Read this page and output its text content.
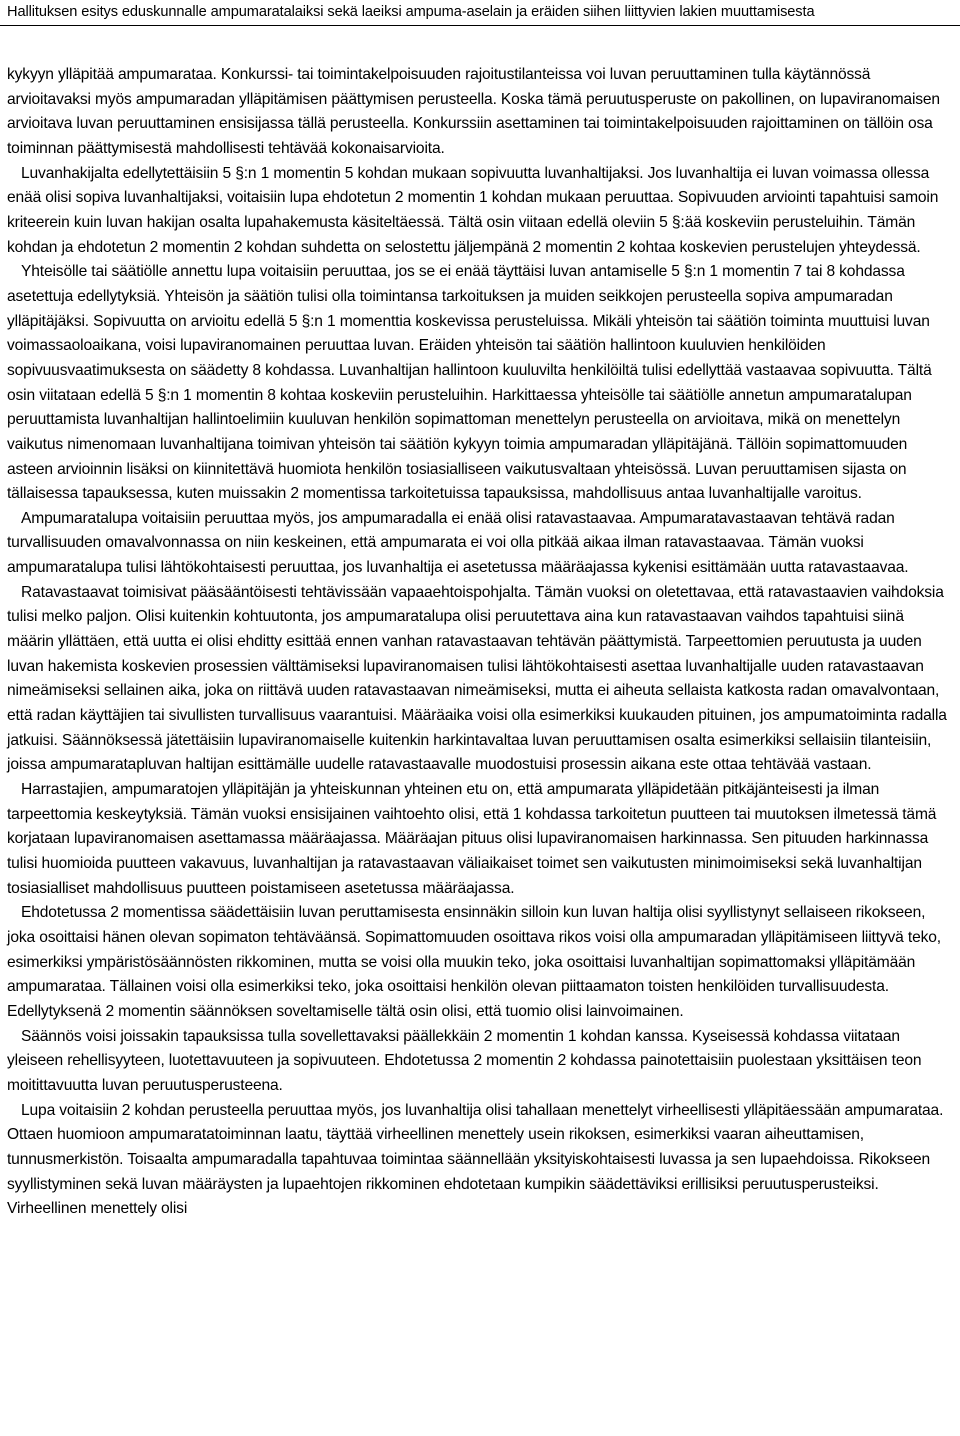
Hallituksen esitys eduskunnalle ampumaratalaiksi sekä laeiksi ampuma-aselain ja eräiden siihen liittyvien lakien muuttamisesta

kykyyn ylläpitää ampumarataa. Konkurssi- tai toimintakelpoisuuden rajoitustilanteissa voi luvan peruuttaminen tulla käytännössä arvioitavaksi myös ampumaradan ylläpitämisen päättymisen perusteella. Koska tämä peruutusperuste on pakollinen, on lupaviranomaisen arvioitava luvan peruuttaminen ensisijassa tällä perusteella. Konkurssiin asettaminen tai toimintakelpoisuuden rajoittaminen on tällöin osa toiminnan päättymisestä mahdollisesti tehtävää kokonaisarvioita.

Luvanhakijalta edellytettäisiin 5 §:n 1 momentin 5 kohdan mukaan sopivuutta luvanhaltijaksi. Jos luvanhaltija ei luvan voimassa ollessa enää olisi sopiva luvanhaltijaksi, voitaisiin lupa ehdotetun 2 momentin 1 kohdan mukaan peruuttaa. Sopivuuden arviointi tapahtuisi samoin kriteerein kuin luvan hakijan osalta lupahakemusta käsiteltäessä. Tältä osin viitaan edellä oleviin 5 §:ää koskeviin perusteluihin. Tämän kohdan ja ehdotetun 2 momentin 2 kohdan suhdetta on selostettu jäljempänä 2 momentin 2 kohtaa koskevien perustelujen yhteydessä.

Yhteisölle tai säätiölle annettu lupa voitaisiin peruuttaa, jos se ei enää täyttäisi luvan antamiselle 5 §:n 1 momentin 7 tai 8 kohdassa asetettuja edellytyksiä. Yhteisön ja säätiön tulisi olla toimintansa tarkoituksen ja muiden seikkojen perusteella sopiva ampumaradan ylläpitäjäksi. Sopivuutta on arvioitu edellä 5 §:n 1 momenttia koskevissa perusteluissa. Mikäli yhteisön tai säätiön toiminta muuttuisi luvan voimassaoloaikana, voisi lupaviranomainen peruuttaa luvan. Eräiden yhteisön tai säätiön hallintoon kuuluvien henkilöiden sopivuusvaatimuksesta on säädetty 8 kohdassa. Luvanhaltijan hallintoon kuuluvilta henkilöiltä tulisi edellyttää vastaavaa sopivuutta. Tältä osin viitataan edellä 5 §:n 1 momentin 8 kohtaa koskeviin perusteluihin. Harkittaessa yhteisölle tai säätiölle annetun ampumaratalupan peruuttamista luvanhaltijan hallintoelimiin kuuluvan henkilön sopimattoman menettelyn perusteella on arvioitava, mikä on menettelyn vaikutus nimenomaan luvanhaltijana toimivan yhteisön tai säätiön kykyyn toimia ampumaradan ylläpitäjänä. Tällöin sopimattomuuden asteen arvioinnin lisäksi on kiinnitettävä huomiota henkilön tosiasialliseen vaikutusvaltaan yhteisössä. Luvan peruuttamisen sijasta on tällaisessa tapauksessa, kuten muissakin 2 momentissa tarkoitetuissa tapauksissa, mahdollisuus antaa luvanhaltijalle varoitus.

Ampumaratalupa voitaisiin peruuttaa myös, jos ampumaradalla ei enää olisi ratavastaavaa. Ampumaratavastaavan tehtävä radan turvallisuuden omavalvonnassa on niin keskeinen, että ampumarata ei voi olla pitkää aikaa ilman ratavastaavaa. Tämän vuoksi ampumaratalupa tulisi lähtökohtaisesti peruuttaa, jos luvanhaltija ei asetetussa määräajassa kykenisi esittämään uutta ratavastaavaa.

Ratavastaavat toimisivat pääsääntöisesti tehtävissään vapaaehtoispohjalta. Tämän vuoksi on oletettavaa, että ratavastaavien vaihdoksia tulisi melko paljon. Olisi kuitenkin kohtuutonta, jos ampumaratalupa olisi peruutettava aina kun ratavastaavan vaihdos tapahtuisi siinä määrin yllättäen, että uutta ei olisi ehditty esittää ennen vanhan ratavastaavan tehtävän päättymistä. Tarpeettomien peruutusta ja uuden luvan hakemista koskevien prosessien välttämiseksi lupaviranomaisen tulisi lähtökohtaisesti asettaa luvanhaltijalle uuden ratavastaavan nimeämiseksi sellainen aika, joka on riittävä uuden ratavastaavan nimeämiseksi, mutta ei aiheuta sellaista katkosta radan omavalvontaan, että radan käyttäjien tai sivullisten turvallisuus vaarantuisi. Määräaika voisi olla esimerkiksi kuukauden pituinen, jos ampumatoiminta radalla jatkuisi. Säännöksessä jätettäisiin lupaviranomaiselle kuitenkin harkintavaltaa luvan peruuttamisen osalta esimerkiksi sellaisiin tilanteisiin, joissa ampumaratapluvan haltijan esittämälle uudelle ratavastaavalle muodostuisi prosessin aikana este ottaa tehtävää vastaan.

Harrastajien, ampumaratojen ylläpitäjän ja yhteiskunnan yhteinen etu on, että ampumarata ylläpidetään pitkäjänteisesti ja ilman tarpeettomia keskeytyksiä. Tämän vuoksi ensisijainen vaihtoehto olisi, että 1 kohdassa tarkoitetun puutteen tai muutoksen ilmetessä tämä korjataan lupaviranomaisen asettamassa määräajassa. Määräajan pituus olisi lupaviranomaisen harkinnassa. Sen pituuden harkinnassa tulisi huomioida puutteen vakavuus, luvanhaltijan ja ratavastaavan väliaikaiset toimet sen vaikutusten minimoimiseksi sekä luvanhaltijan tosiasialliset mahdollisuus puutteen poistamiseen asetetussa määräajassa.

Ehdotetussa 2 momentissa säädettäisiin luvan peruttamisesta ensinnäkin silloin kun luvan haltija olisi syyllistynyt sellaiseen rikokseen, joka osoittaisi hänen olevan sopimaton tehtäväänsä. Sopimattomuuden osoittava rikos voisi olla ampumaradan ylläpitämiseen liittyvä teko, esimerkiksi ympäristösäännösten rikkominen, mutta se voisi olla muukin teko, joka osoittaisi luvanhaltijan sopimattomaksi ylläpitämään ampumarataa. Tällainen voisi olla esimerkiksi teko, joka osoittaisi henkilön olevan piittaamaton toisten henkilöiden turvallisuudesta. Edellytyksenä 2 momentin säännöksen soveltamiselle tältä osin olisi, että tuomio olisi lainvoimainen.

Säännös voisi joissakin tapauksissa tulla sovellettavaksi päällekkäin 2 momentin 1 kohdan kanssa. Kyseisessä kohdassa viitataan yleiseen rehellisyyteen, luotettavuuteen ja sopivuuteen. Ehdotetussa 2 momentin 2 kohdassa painotettaisiin puolestaan yksittäisen teon moitittavuutta luvan peruutusperusteena.

Lupa voitaisiin 2 kohdan perusteella peruuttaa myös, jos luvanhaltija olisi tahallaan menettelyt virheellisesti ylläpitäessään ampumarataa. Ottaen huomioon ampumaratatoiminnan laatu, täyttää virheellinen menettely usein rikoksen, esimerkiksi vaaran aiheuttamisen, tunnusmerkistön. Toisaalta ampumaradalla tapahtuvaa toimintaa säännellään yksityiskohtaisesti luvassa ja sen lupaehdoissa. Rikokseen syyllistyminen sekä luvan määräysten ja lupaehtojen rikkominen ehdotetaan kumpikin säädettäviksi erillisiksi peruutusperusteiksi. Virheellinen menettely olisi
